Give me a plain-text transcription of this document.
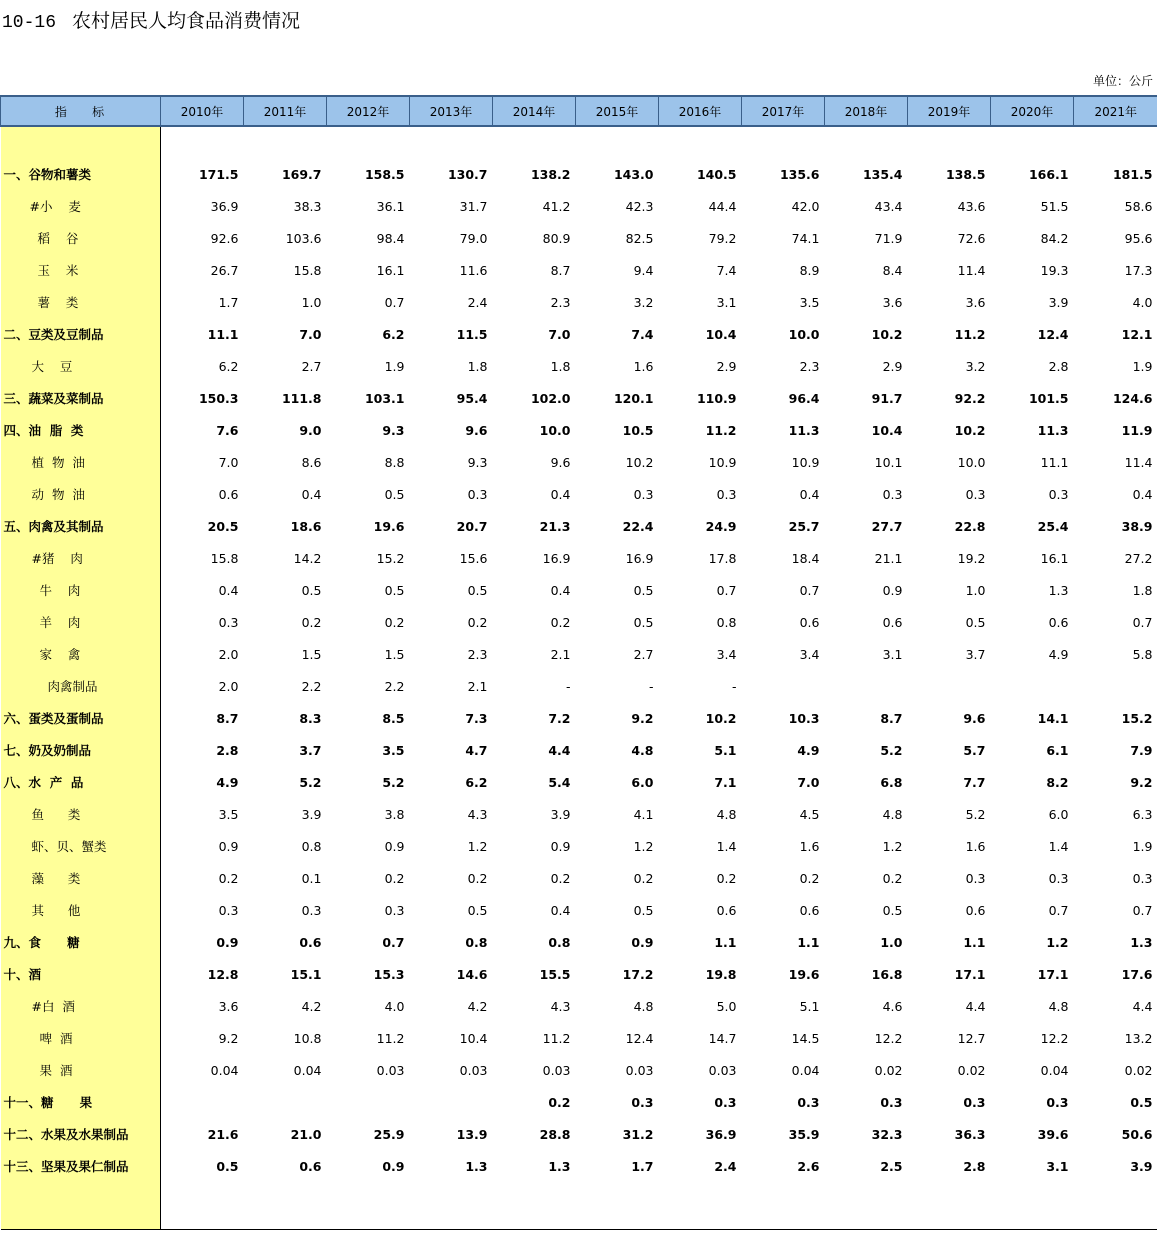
10-16 农村居民人均食品消费情况
单位：公斤
指    标	2010年	2011年	2012年	2013年	2014年	2015年	2016年	2017年	2018年	2019年	2020年	2021年

一、谷物和薯类	171.5	169.7	158.5	130.7	138.2	143.0	140.5	135.6	135.4	138.5	166.1	181.5
#小    麦	36.9	38.3	36.1	31.7	41.2	42.3	44.4	42.0	43.4	43.6	51.5	58.6
稻    谷	92.6	103.6	98.4	79.0	80.9	82.5	79.2	74.1	71.9	72.6	84.2	95.6
玉    米	26.7	15.8	16.1	11.6	8.7	9.4	7.4	8.9	8.4	11.4	19.3	17.3
薯    类	1.7	1.0	0.7	2.4	2.3	3.2	3.1	3.5	3.6	3.6	3.9	4.0
二、豆类及豆制品	11.1	7.0	6.2	11.5	7.0	7.4	10.4	10.0	10.2	11.2	12.4	12.1
大    豆	6.2	2.7	1.9	1.8	1.8	1.6	2.9	2.3	2.9	3.2	2.8	1.9
三、蔬菜及菜制品	150.3	111.8	103.1	95.4	102.0	120.1	110.9	96.4	91.7	92.2	101.5	124.6
四、油  脂  类	7.6	9.0	9.3	9.6	10.0	10.5	11.2	11.3	10.4	10.2	11.3	11.9
植  物  油	7.0	8.6	8.8	9.3	9.6	10.2	10.9	10.9	10.1	10.0	11.1	11.4
动  物  油	0.6	0.4	0.5	0.3	0.4	0.3	0.3	0.4	0.3	0.3	0.3	0.4
五、肉禽及其制品	20.5	18.6	19.6	20.7	21.3	22.4	24.9	25.7	27.7	22.8	25.4	38.9
#猪    肉	15.8	14.2	15.2	15.6	16.9	16.9	17.8	18.4	21.1	19.2	16.1	27.2
牛    肉	0.4	0.5	0.5	0.5	0.4	0.5	0.7	0.7	0.9	1.0	1.3	1.8
羊    肉	0.3	0.2	0.2	0.2	0.2	0.5	0.8	0.6	0.6	0.5	0.6	0.7
家    禽	2.0	1.5	1.5	2.3	2.1	2.7	3.4	3.4	3.1	3.7	4.9	5.8
肉禽制品	2.0	2.2	2.2	2.1	-	-	-					
六、蛋类及蛋制品	8.7	8.3	8.5	7.3	7.2	9.2	10.2	10.3	8.7	9.6	14.1	15.2
七、奶及奶制品	2.8	3.7	3.5	4.7	4.4	4.8	5.1	4.9	5.2	5.7	6.1	7.9
八、水  产  品	4.9	5.2	5.2	6.2	5.4	6.0	7.1	7.0	6.8	7.7	8.2	9.2
鱼      类	3.5	3.9	3.8	4.3	3.9	4.1	4.8	4.5	4.8	5.2	6.0	6.3
虾、贝、蟹类	0.9	0.8	0.9	1.2	0.9	1.2	1.4	1.6	1.2	1.6	1.4	1.9
藻      类	0.2	0.1	0.2	0.2	0.2	0.2	0.2	0.2	0.2	0.3	0.3	0.3
其      他	0.3	0.3	0.3	0.5	0.4	0.5	0.6	0.6	0.5	0.6	0.7	0.7
九、食      糖	0.9	0.6	0.7	0.8	0.8	0.9	1.1	1.1	1.0	1.1	1.2	1.3
十、酒	12.8	15.1	15.3	14.6	15.5	17.2	19.8	19.6	16.8	17.1	17.1	17.6
#白  酒	3.6	4.2	4.0	4.2	4.3	4.8	5.0	5.1	4.6	4.4	4.8	4.4
啤  酒	9.2	10.8	11.2	10.4	11.2	12.4	14.7	14.5	12.2	12.7	12.2	13.2
果  酒	0.04	0.04	0.03	0.03	0.03	0.03	0.03	0.04	0.02	0.02	0.04	0.02
十一、糖      果					0.2	0.3	0.3	0.3	0.3	0.3	0.3	0.5
十二、水果及水果制品	21.6	21.0	25.9	13.9	28.8	31.2	36.9	35.9	32.3	36.3	39.6	50.6
十三、坚果及果仁制品	0.5	0.6	0.9	1.3	1.3	1.7	2.4	2.6	2.5	2.8	3.1	3.9
